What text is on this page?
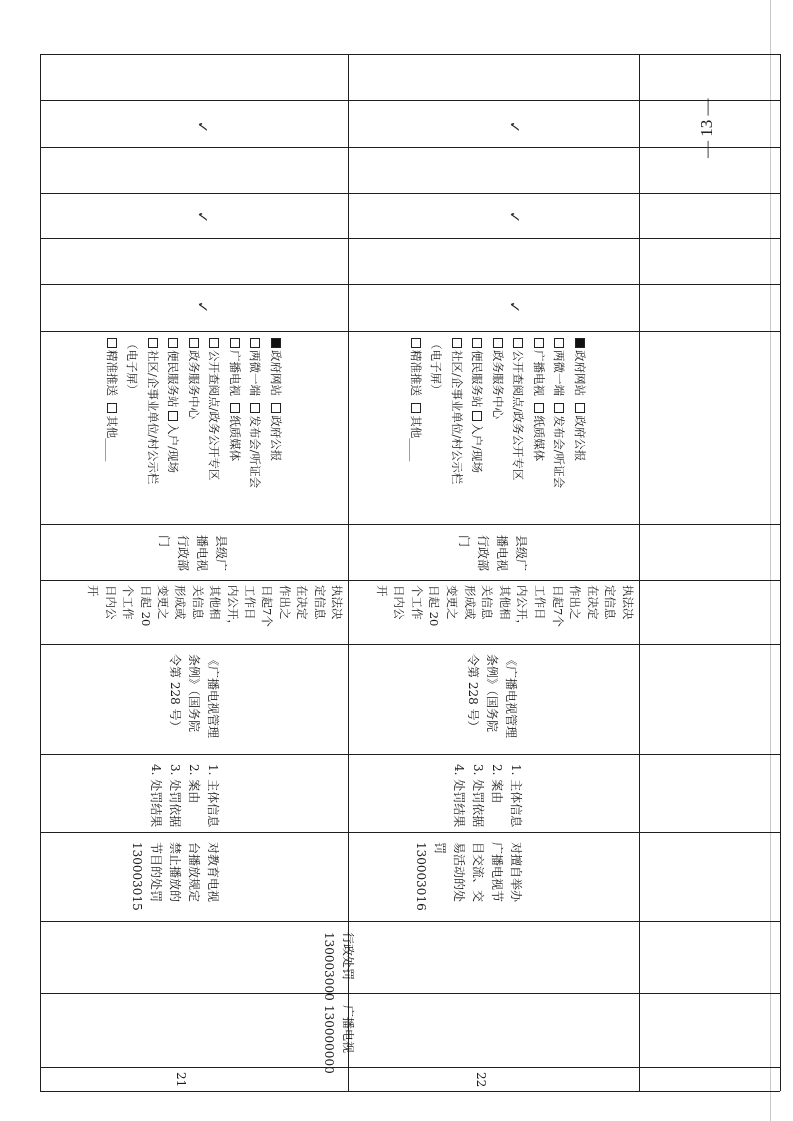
21
广播电视
130000000
行政处罚
130003000
对教育电视
台播放规定
禁止播放的
节目的处罚
130003015
1. 主体信息
2. 案由
3. 处罚依据
4. 处罚结果
《广播电视管理
条例》（国务院
令第 228 号）
执法决
定信息
在决定
作出之
日起7个
工作日
内公开，
其他相
关信息
形成或
变更之
日起 20
个工作
日内公
开
县级广
播电视
行政部
门
政府网站  政府公报
两微一端  发布会/听证会
广播电视  纸质媒体
公开查阅点/政务公开专区
政务服务中心
便民服务站 入户/现场
社区/企事业单位/村公示栏
（电子屏）
精准推送  其他____
✓
✓
✓
22
对擅自举办
广播电视节
目交流、交
易活动的处
罚
130003016
1. 主体信息
2. 案由
3. 处罚依据
4. 处罚结果
《广播电视管理
条例》（国务院
令第 228 号）
执法决
定信息
在决定
作出之
日起7个
工作日
内公开，
其他相
关信息
形成或
变更之
日起 20
个工作
日内公
开
县级广
播电视
行政部
门
政府网站  政府公报
两微一端  发布会/听证会
广播电视  纸质媒体
公开查阅点/政务公开专区
政务服务中心
便民服务站 入户/现场
社区/企事业单位/村公示栏
（电子屏）
精准推送  其他____
✓
✓
✓	— 13 —
